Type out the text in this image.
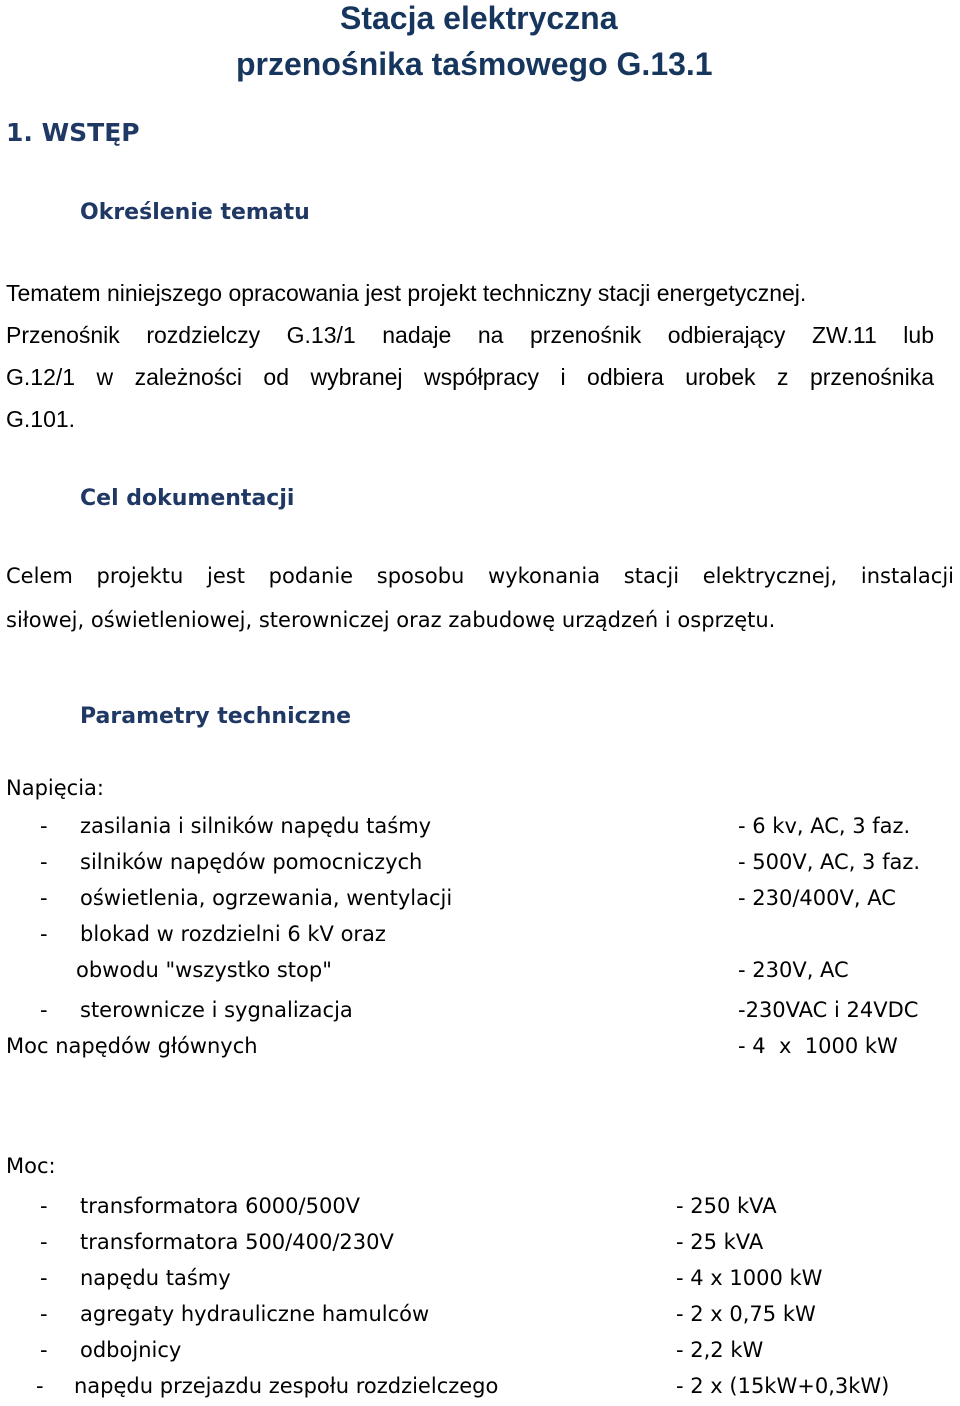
Stacja elektryczna
przenośnika taśmowego G.13.1
1. WSTĘP
Określenie tematu
Tematem niniejszego opracowania jest projekt techniczny stacji energetycznej.
Przenośnik rozdzielczy G.13/1 nadaje na przenośnik odbierający ZW.11 lub
G.12/1 w zależności od wybranej współpracy i odbiera urobek z przenośnika
G.101.
Cel dokumentacji
Celem projektu jest podanie sposobu wykonania stacji elektrycznej, instalacji
siłowej, oświetleniowej, sterowniczej oraz zabudowę urządzeń i osprzętu.
Parametry techniczne
Napięcia:
- zasilania i silników napędu taśmy	- 6 kv, AC, 3 faz.
- silników napędów pomocniczych	- 500V, AC, 3 faz.
- oświetlenia, ogrzewania, wentylacji	- 230/400V, AC
- blokad w rozdzielni 6 kV oraz
obwodu "wszystko stop"	- 230V, AC
- sterownicze i sygnalizacja	-230VAC i 24VDC
Moc napędów głównych	- 4  x  1000 kW
Moc:
- transformatora 6000/500V	- 250 kVA
- transformatora 500/400/230V	- 25 kVA
- napędu taśmy	- 4 x 1000 kW
- agregaty hydrauliczne hamulców	- 2 x 0,75 kW
- odbojnicy	- 2,2 kW
- napędu przejazdu zespołu rozdzielczego	- 2 x (15kW+0,3kW)
